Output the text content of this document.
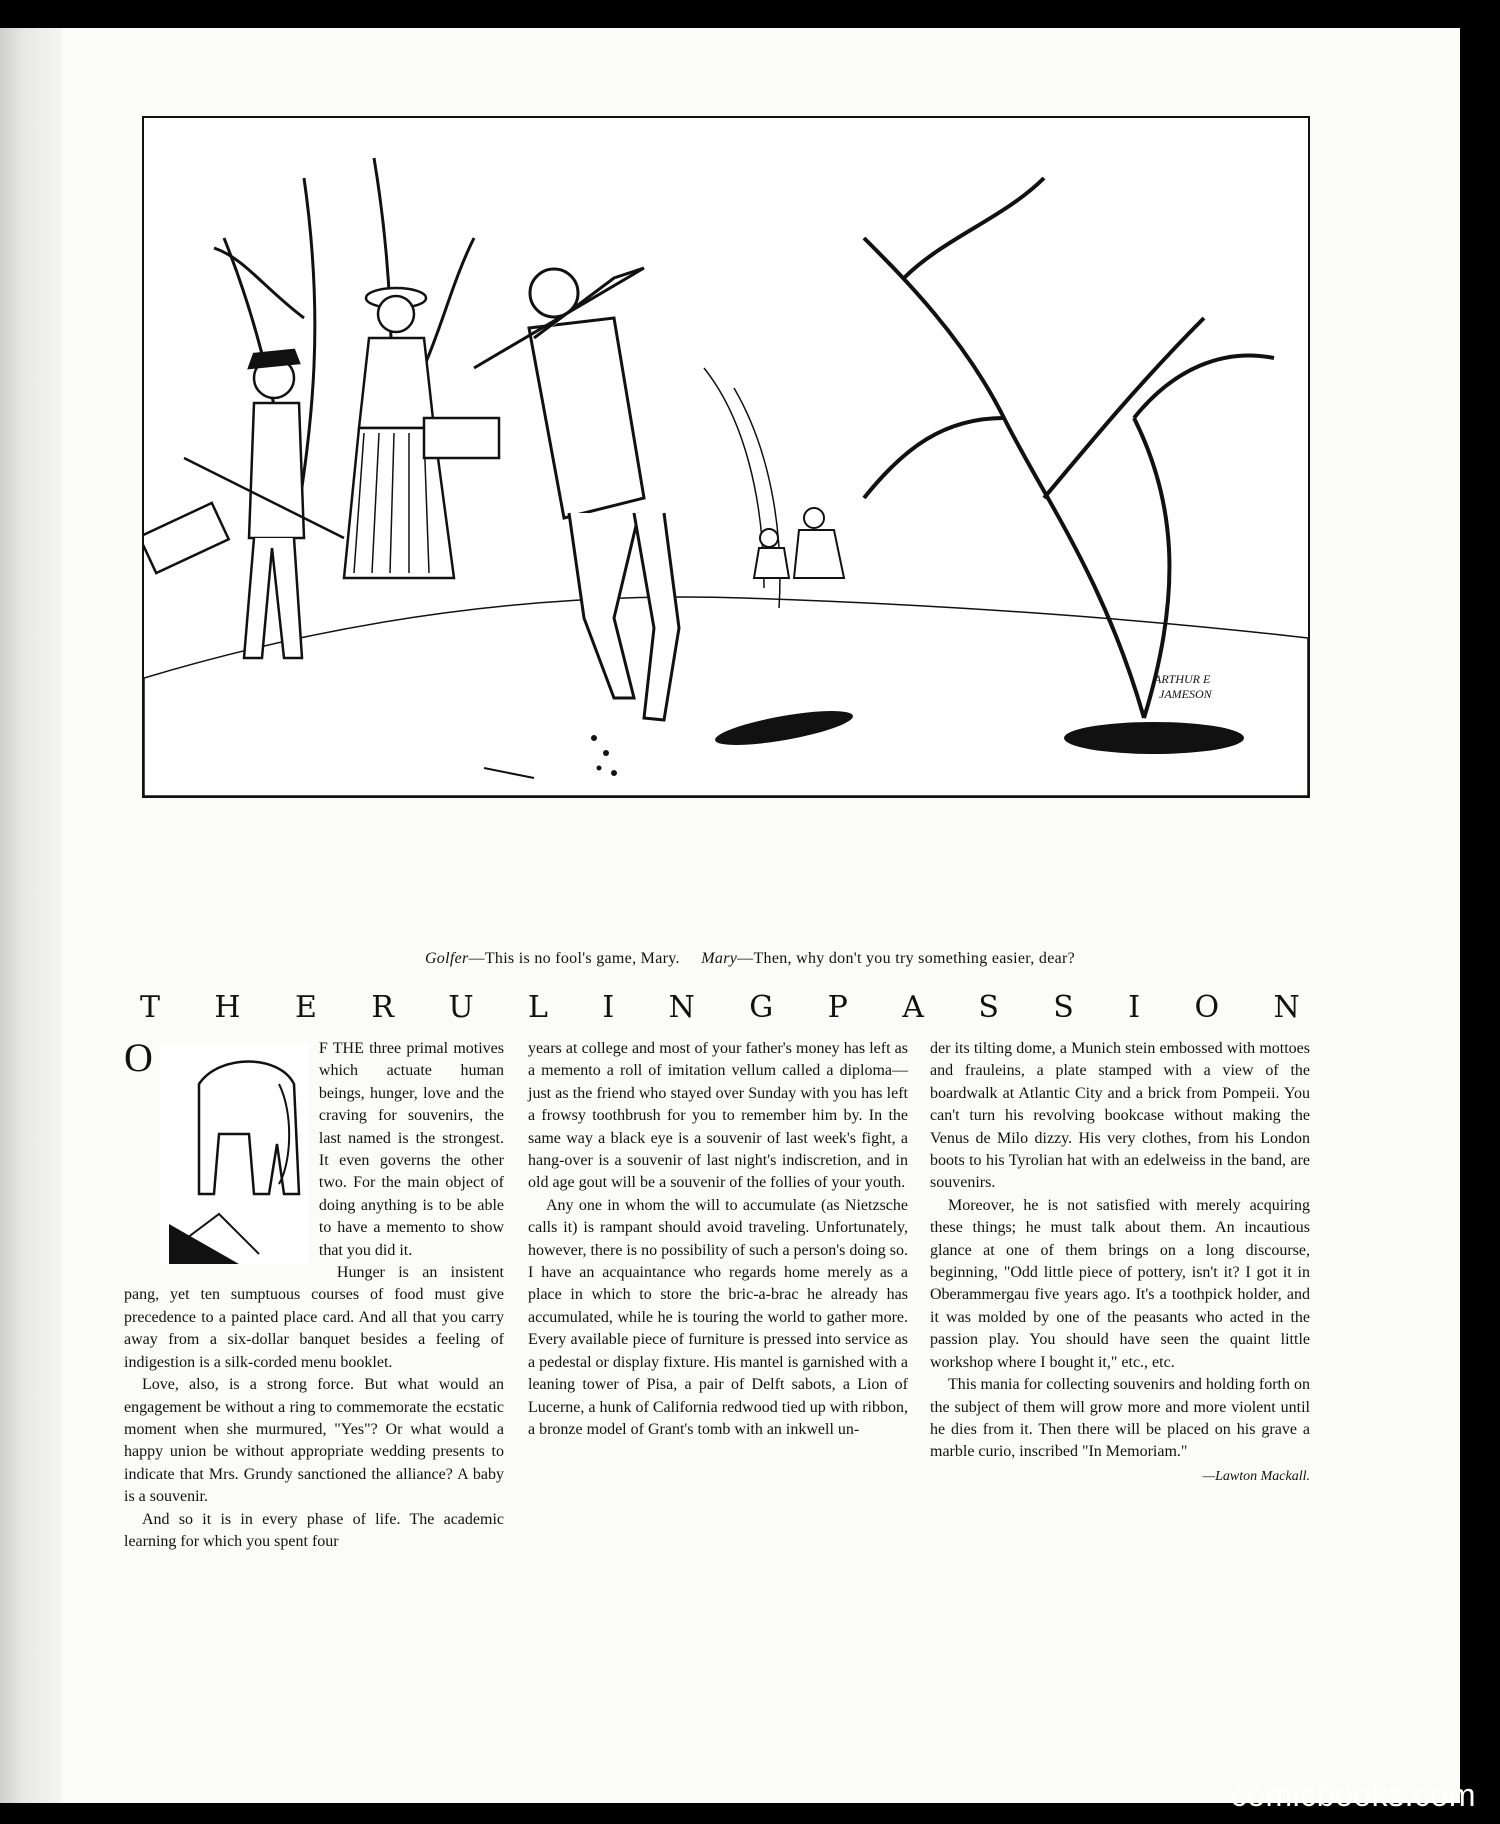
ARTHUR E
JAMESON
Golfer—This is no fool's game, Mary. Mary—Then, why don't you try something easier, dear?
T H E R U L I N G P A S S I O N

O	F THE three primal motives which actuate human beings, hunger, love and the craving for souvenirs, the last named is the strongest. It even governs the other two. For the main object of doing anything is to be able to have a memento to show that you did it.

Hunger is an insistent pang, yet ten sumptuous courses of food must give precedence to a painted place card. And all that you carry away from a six-dollar banquet besides a feeling of indigestion is a silk-corded menu booklet.

Love, also, is a strong force. But what would an engagement be without a ring to commemorate the ecstatic moment when she murmured, "Yes"? Or what would a happy union be without appropriate wedding presents to indicate that Mrs. Grundy sanctioned the alliance? A baby is a souvenir.

And so it is in every phase of life. The academic learning for which you spent four

years at college and most of your father's money has left as a memento a roll of imitation vellum called a diploma—just as the friend who stayed over Sunday with you has left a frowsy toothbrush for you to remember him by. In the same way a black eye is a souvenir of last week's fight, a hang-over is a souvenir of last night's indiscretion, and in old age gout will be a souvenir of the follies of your youth.

Any one in whom the will to accumulate (as Nietzsche calls it) is rampant should avoid traveling. Unfortunately, however, there is no possibility of such a person's doing so. I have an acquaintance who regards home merely as a place in which to store the bric-a-brac he already has accumulated, while he is touring the world to gather more. Every available piece of furniture is pressed into service as a pedestal or display fixture. His mantel is garnished with a leaning tower of Pisa, a pair of Delft sabots, a Lion of Lucerne, a hunk of California redwood tied up with ribbon, a bronze model of Grant's tomb with an inkwell un-

der its tilting dome, a Munich stein embossed with mottoes and frauleins, a plate stamped with a view of the boardwalk at Atlantic City and a brick from Pompeii. You can't turn his revolving bookcase without making the Venus de Milo dizzy. His very clothes, from his London boots to his Tyrolian hat with an edelweiss in the band, are souvenirs.

Moreover, he is not satisfied with merely acquiring these things; he must talk about them. An incautious glance at one of them brings on a long discourse, beginning, "Odd little piece of pottery, isn't it? I got it in Oberammergau five years ago. It's a toothpick holder, and it was molded by one of the peasants who acted in the passion play. You should have seen the quaint little workshop where I bought it," etc., etc.

This mania for collecting souvenirs and holding forth on the subject of them will grow more and more violent until he dies from it. Then there will be placed on his grave a marble curio, inscribed "In Memoriam."
—Lawton Mackall.

comicbooks.com
